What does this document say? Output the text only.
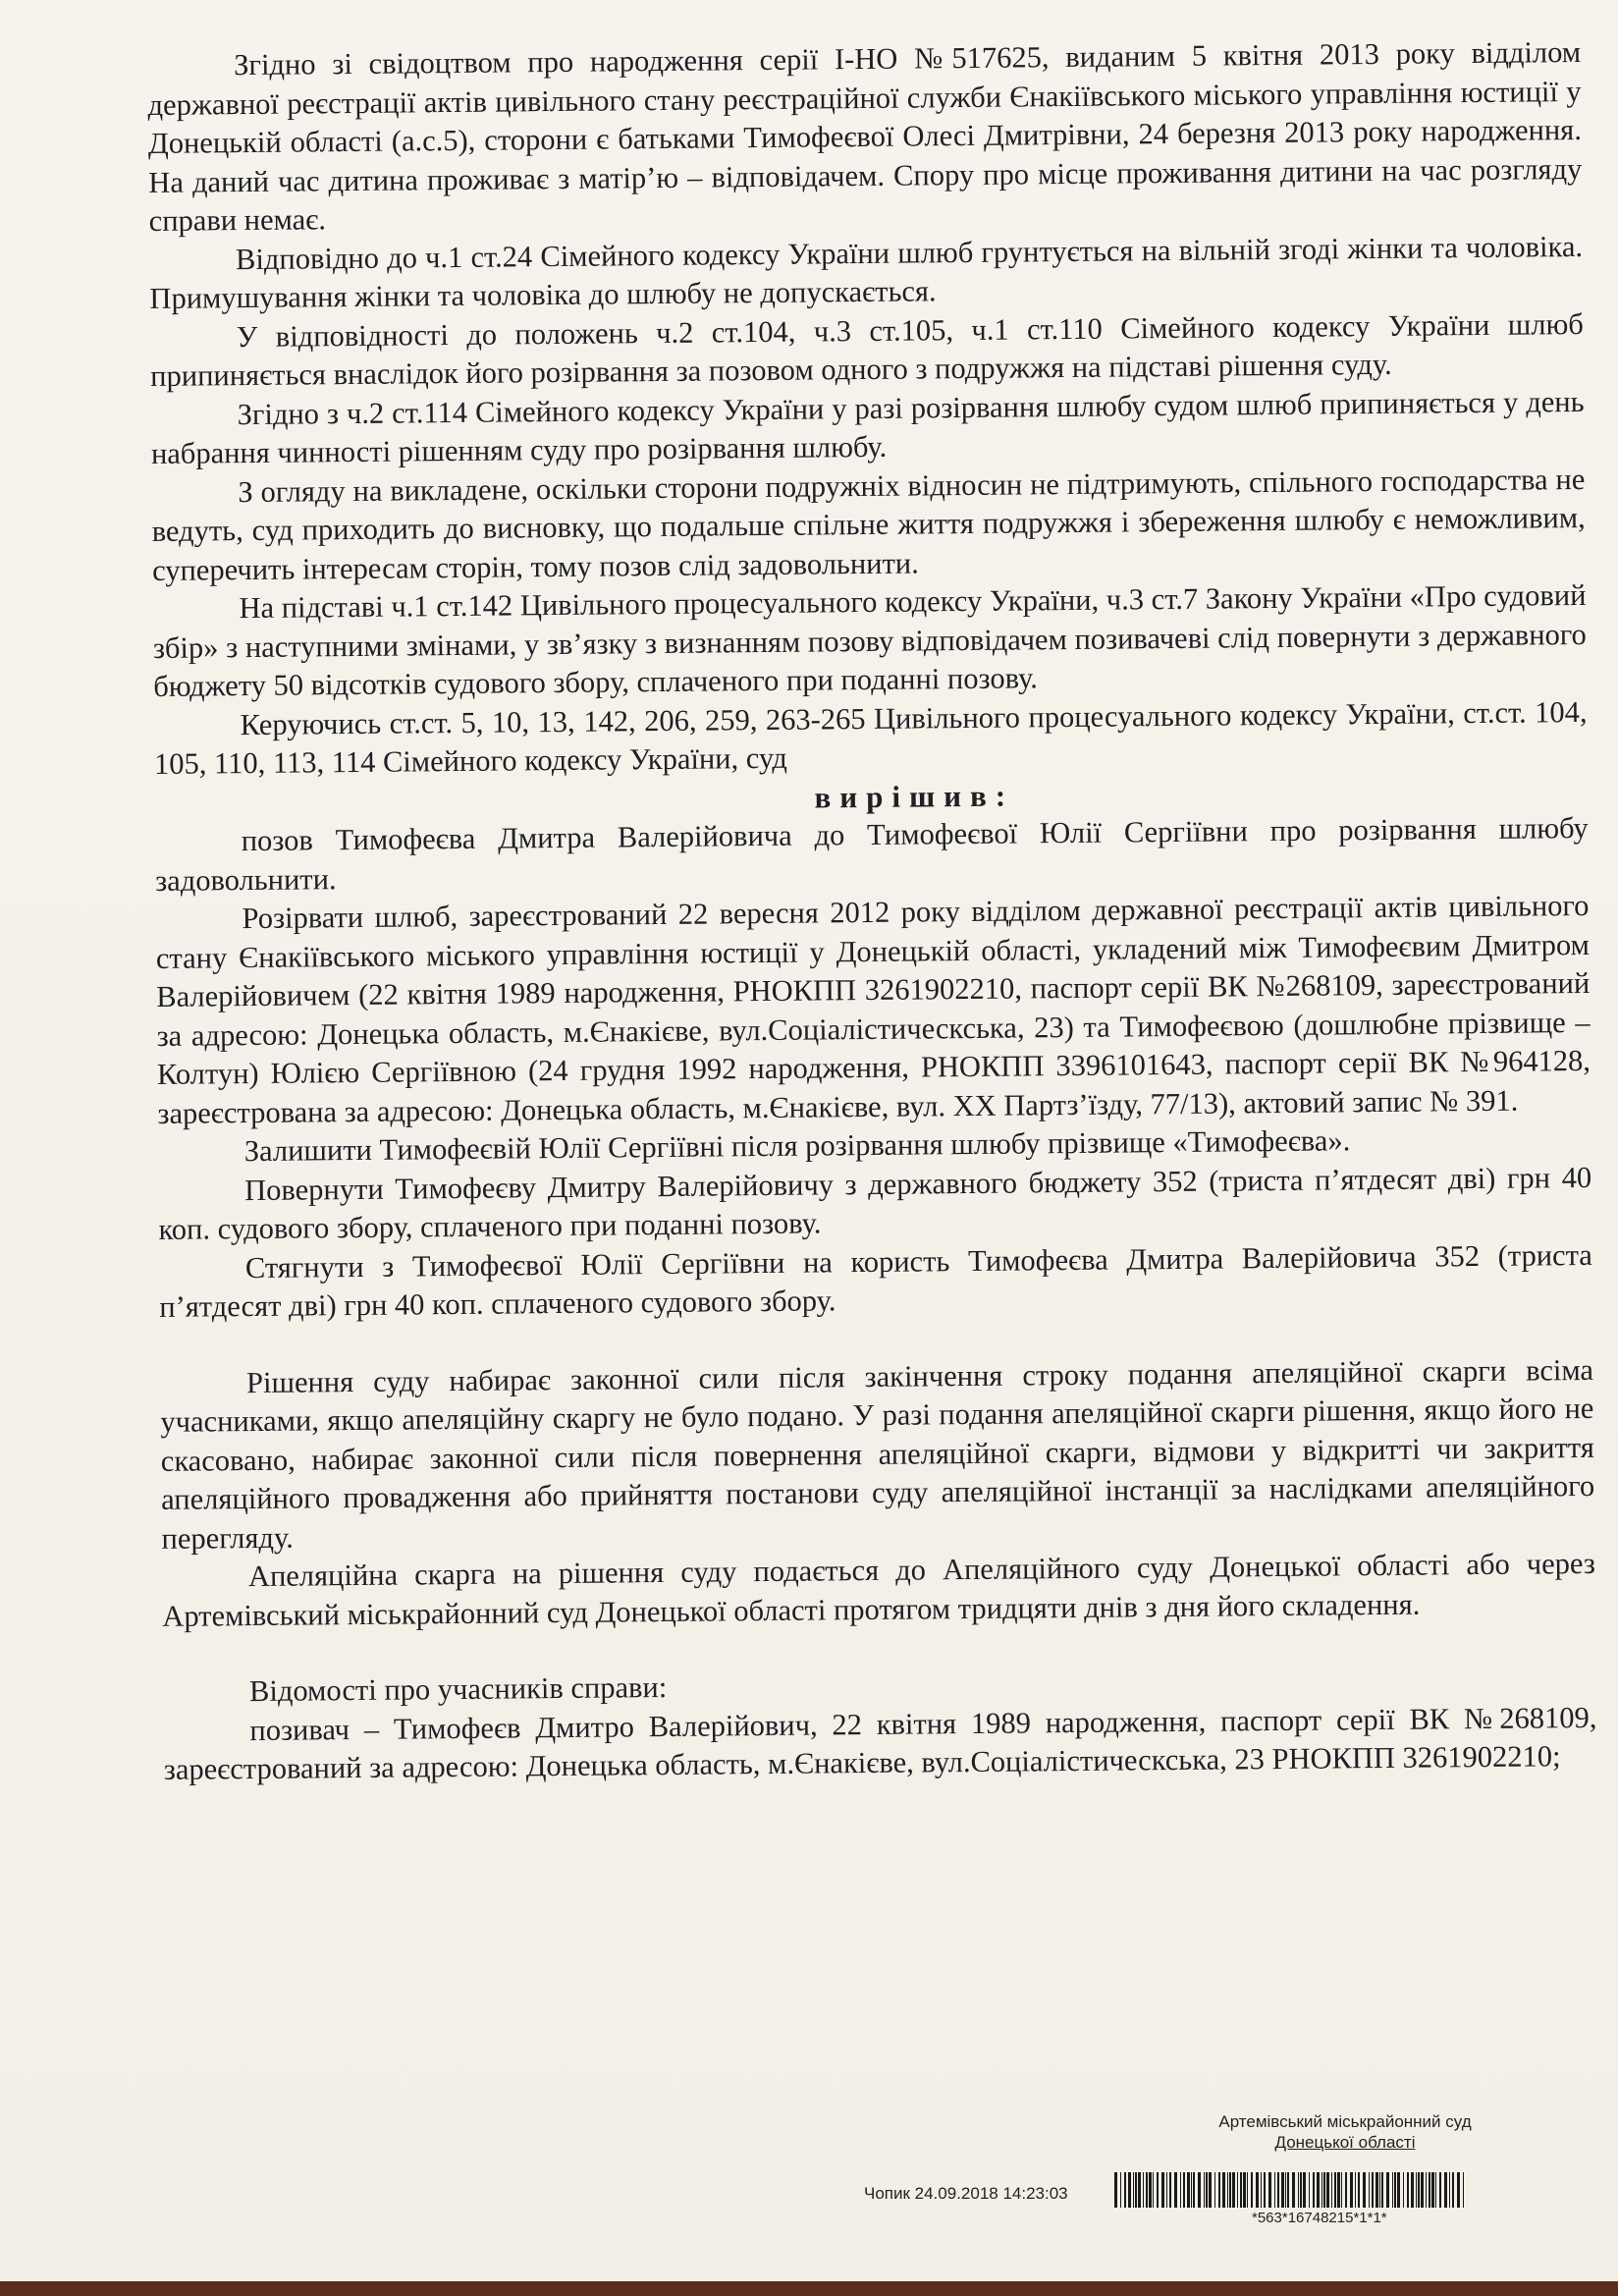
Згідно зі свідоцтвом про народження серії І-НО №517625, виданим 5 квітня 2013 року відділом державної реєстрації актів цивільного стану реєстраційної служби Єнакіївського міського управління юстиції у Донецькій області (а.с.5), сторони є батьками Тимофеєвої Олесі Дмитрівни, 24 березня 2013 року народження. На даний час дитина проживає з матір’ю – відповідачем. Спору про місце проживання дитини на час розгляду справи немає.

Відповідно до ч.1 ст.24 Сімейного кодексу України шлюб грунтується на вільній згоді жінки та чоловіка. Примушування жінки та чоловіка до шлюбу не допускається.

У відповідності до положень ч.2 ст.104, ч.3 ст.105, ч.1 ст.110 Сімейного кодексу України шлюб припиняється внаслідок його розірвання за позовом одного з подружжя на підставі рішення суду.

Згідно з ч.2 ст.114 Сімейного кодексу України у разі розірвання шлюбу судом шлюб припиняється у день набрання чинності рішенням суду про розірвання шлюбу.

З огляду на викладене, оскільки сторони подружніх відносин не підтримують, спільного господарства не ведуть, суд приходить до висновку, що подальше спільне життя подружжя і збереження шлюбу є неможливим, суперечить інтересам сторін, тому позов слід задовольнити.

На підставі ч.1 ст.142 Цивільного процесуального кодексу України, ч.3 ст.7 Закону України «Про судовий збір» з наступними змінами, у зв’язку з визнанням позову відповідачем позивачеві слід повернути з державного бюджету 50 відсотків судового збору, сплаченого при поданні позову.

Керуючись ст.ст. 5, 10, 13, 142, 206, 259, 263-265 Цивільного процесуального кодексу України, ст.ст. 104, 105, 110, 113, 114 Сімейного кодексу України, суд

вирішив:

позов Тимофеєва Дмитра Валерійовича до Тимофеєвої Юлії Сергіївни про розірвання шлюбу задовольнити.

Розірвати шлюб, зареєстрований 22 вересня 2012 року відділом державної реєстрації актів цивільного стану Єнакіївського міського управління юстиції у Донецькій області, укладений між Тимофеєвим Дмитром Валерійовичем (22 квітня 1989 народження, РНОКПП 3261902210, паспорт серії ВК №268109, зареєстрований за адресою: Донецька область, м.Єнакієве, вул.Соціалістическська, 23) та Тимофеєвою (дошлюбне прізвище – Колтун) Юлією Сергіївною (24 грудня 1992 народження, РНОКПП 3396101643, паспорт серії ВК №964128, зареєстрована за адресою: Донецька область, м.Єнакієве, вул. ХХ Партз’їзду, 77/13), актовий запис № 391.

Залишити Тимофеєвій Юлії Сергіївні після розірвання шлюбу прізвище «Тимофеєва».

Повернути Тимофеєву Дмитру Валерійовичу з державного бюджету 352 (триста п’ятдесят дві) грн 40 коп. судового збору, сплаченого при поданні позову.

Стягнути з Тимофеєвої Юлії Сергіївни на користь Тимофеєва Дмитра Валерійовича 352 (триста п’ятдесят дві) грн 40 коп. сплаченого судового збору.

Рішення суду набирає законної сили після закінчення строку подання апеляційної скарги всіма учасниками, якщо апеляційну скаргу не було подано. У разі подання апеляційної скарги рішення, якщо його не скасовано, набирає законної сили після повернення апеляційної скарги, відмови у відкритті чи закриття апеляційного провадження або прийняття постанови суду апеляційної інстанції за наслідками апеляційного перегляду.

Апеляційна скарга на рішення суду подається до Апеляційного суду Донецької області або через Артемівський міськрайонний суд Донецької області протягом тридцяти днів з дня його складення.

Відомості про учасників справи:

позивач – Тимофеєв Дмитро Валерійович, 22 квітня 1989 народження, паспорт серії ВК №268109, зареєстрований за адресою: Донецька область, м.Єнакієве, вул.Соціалістическська, 23 РНОКПП 3261902210;

Артемівський міськрайонний суд
Донецької області
Чопик 24.09.2018 14:23:03
*563*16748215*1*1*
